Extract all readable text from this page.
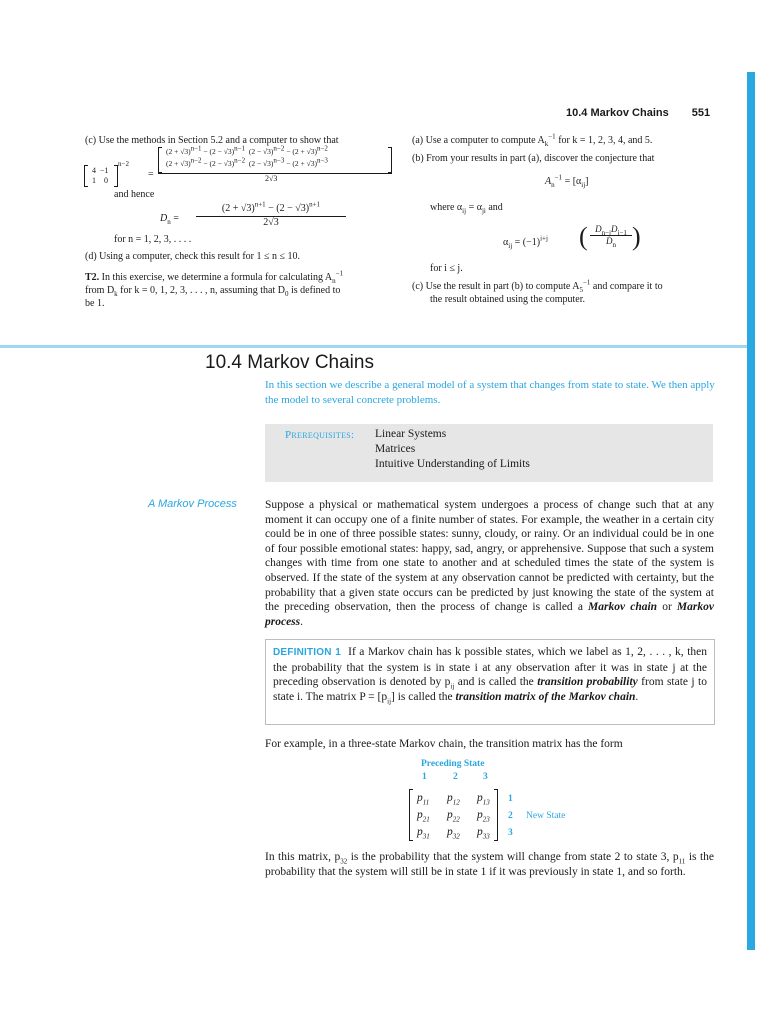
10.4 Markov Chains 551
(c) Use the methods in Section 5.2 and a computer to show that
4  −1
1    0
n−2
=
$(2 + √3)^{n-1} - (2 - √3)^{n-1}$  $(2 - √3)^{n-2} - (2 + √3)^{n-2}$
$(2 + √3)^{n-2} - (2 - √3)^{n-2}$  $(2 - √3)^{n-3} - (2 + √3)^{n-3}$
2√3
and hence
$D_n$ =
$(2 + √3)^{n+1} - (2 - √3)^{n+1}$
2√3
for n = 1, 2, 3, . . . .
(d) Using a computer, check this result for 1 ≤ n ≤ 10.
T2. In this exercise, we determine a formula for calculating $A_n^{-1}$
from $D_k$ for k = 0, 1, 2, 3, . . . , n, assuming that $D_0$ is defined to
be 1.
(a) Use a computer to compute $A_k^{-1}$ for k = 1, 2, 3, 4, and 5.
(b) From your results in part (a), discover the conjecture that
$A_n^{-1} = [\alpha_{ij}]$
where $\alpha_{ij} = \alpha_{ji}$ and
$\alpha_{ij} = (-1)^{i+j}$ ( $D_{n-j}D_{i-1}$
$D_n$ )
for i ≤ j.
(c) Use the result in part (b) to compute $A_5^{-1}$ and compare it to
the result obtained using the computer.
10.4 Markov Chains
In this section we describe a general model of a system that changes from state to state. We then apply the model to several concrete problems.
Prerequisites: Linear Systems
Matrices
Intuitive Understanding of Limits
A Markov Process Suppose a physical or mathematical system undergoes a process of change such that at any moment it can occupy one of a finite number of states. For example, the weather in a certain city could be in one of three possible states: sunny, cloudy, or rainy. Or an individual could be in one of four possible emotional states: happy, sad, angry, or apprehensive. Suppose that such a system changes with time from one state to another and at scheduled times the state of the system is observed. If the state of the system at any observation cannot be predicted with certainty, but the probability that a given state occurs can be predicted by just knowing the state of the system at the preceding observation, then the process of change is called a Markov chain or Markov process.
DEFINITION 1 If a Markov chain has k possible states, which we label as 1, 2, . . . , k, then the probability that the system is in state i at any observation after it was in state j at the preceding observation is denoted by $p_{ij}$ and is called the transition probability from state j to state i. The matrix $P = [p_{ij}]$ is called the transition matrix of the Markov chain.
For example, in a three-state Markov chain, the transition matrix has the form
Preceding State
1	2	3
$p_{11}$ $p_{12}$ $p_{13}$
$p_{21}$ $p_{22}$ $p_{23}$
$p_{31}$ $p_{32}$ $p_{33}$
1
2
3
New State
In this matrix, $p_{32}$ is the probability that the system will change from state 2 to state 3, $p_{11}$ is the probability that the system will still be in state 1 if it was previously in state 1, and so forth.
